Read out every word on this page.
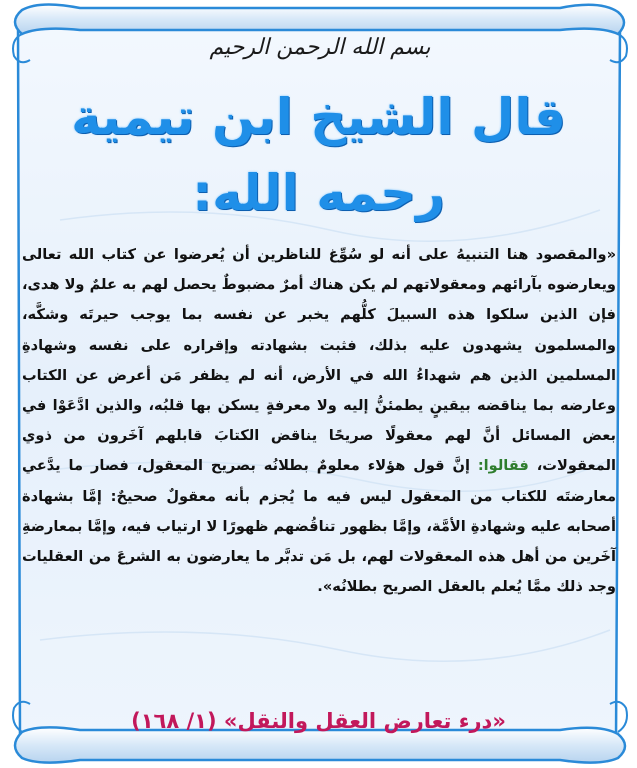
بسم الله الرحمن الرحيم
قال الشيخ ابن تيمية
رحمه الله:
«والمقصود هنا التنبيهُ على أنه لو سُوِّغ للناظرين أن يُعرضوا عن كتاب الله تعالى ويعارضوه بآرائهم ومعقولاتهم لم يكن هناك أمرٌ مضبوطٌ يحصل لهم به علمٌ ولا هدى، فإن الذين سلكوا هذه السبيلَ كلُّهم يخبر عن نفسه بما يوجب حيرتَه وشكَّه، والمسلمون يشهدون عليه بذلك، فثبت بشهادته وإقراره على نفسه وشهادةِ المسلمين الذين هم شهداءُ الله في الأرض، أنه لم يظفر مَن أعرض عن الكتاب وعارضه بما يناقضه بيقينٍ يطمئنُّ إليه ولا معرفةٍ يسكن بها قلبُه، والذين ادَّعَوْا في بعض المسائل أنَّ لهم معقولًا صريحًا يناقض الكتابَ قابلهم آخَرون من ذوي المعقولات، فقالوا: إنَّ قول هؤلاء معلومٌ بطلانُه بصريح المعقول، فصار ما يدَّعي معارضتَه للكتاب من المعقول ليس فيه ما يُجزم بأنه معقولٌ صحيحٌ: إمَّا بشهادة أصحابه عليه وشهادةِ الأمَّة، وإمَّا بظهور تناقُضهم ظهورًا لا ارتياب فيه، وإمَّا بمعارضةِ آخَرين من أهل هذه المعقولات لهم، بل مَن تدبَّر ما يعارضون به الشرعَ من العقليات وجد ذلك ممَّا يُعلم بالعقل الصريح بطلانُه».
«درء تعارض العقل والنقل» (١/ ١٦٨)
